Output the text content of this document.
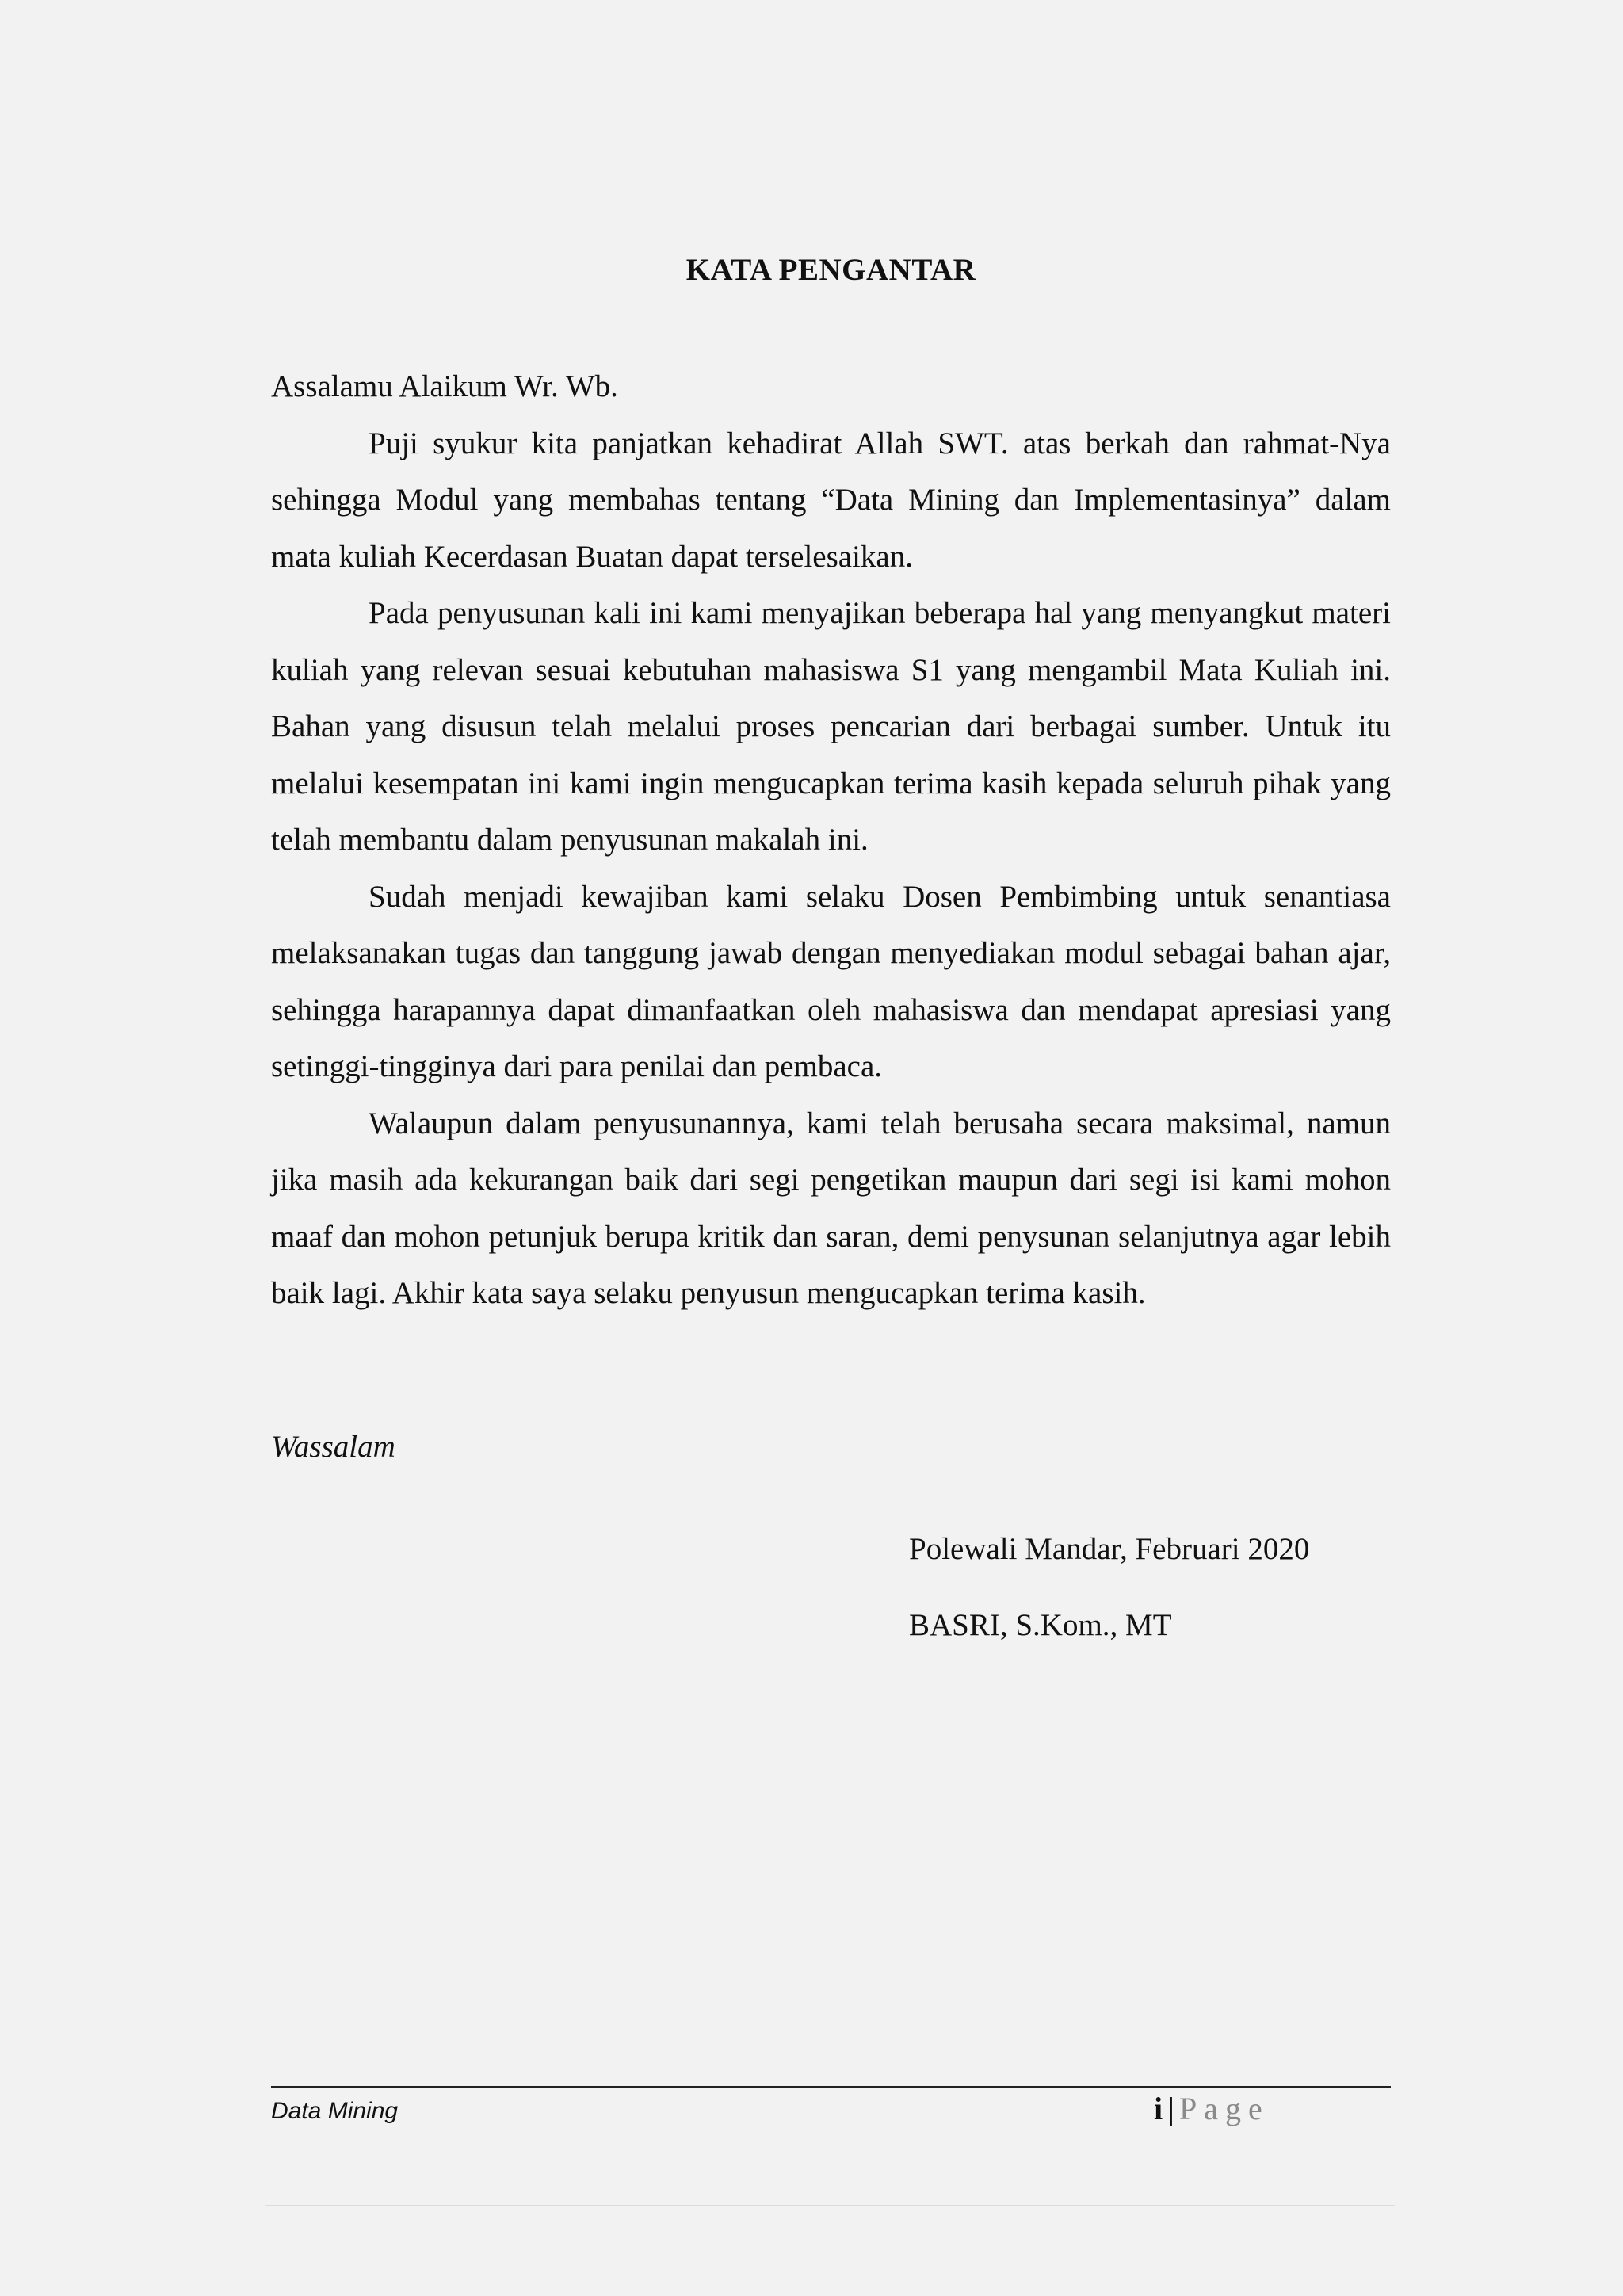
KATA PENGANTAR

Assalamu Alaikum Wr. Wb.

Puji syukur kita panjatkan kehadirat Allah SWT. atas berkah dan rahmat-Nya sehingga Modul yang membahas tentang “Data Mining dan Implementasinya” dalam mata kuliah Kecerdasan Buatan dapat terselesaikan.

Pada penyusunan kali ini kami menyajikan beberapa hal yang menyangkut materi kuliah yang relevan sesuai kebutuhan mahasiswa S1 yang mengambil Mata Kuliah ini. Bahan yang disusun telah melalui proses pencarian dari berbagai sumber. Untuk itu melalui kesempatan ini kami ingin mengucapkan terima kasih kepada seluruh pihak yang telah membantu dalam penyusunan makalah ini.

Sudah menjadi kewajiban kami selaku Dosen Pembimbing untuk senantiasa melaksanakan tugas dan tanggung jawab dengan menyediakan modul sebagai bahan ajar, sehingga harapannya dapat dimanfaatkan oleh mahasiswa dan mendapat apresiasi yang setinggi-tingginya dari para penilai dan pembaca.

Walaupun dalam penyusunannya, kami telah berusaha secara maksimal, namun jika masih ada kekurangan baik dari segi pengetikan maupun dari segi isi kami mohon maaf dan mohon petunjuk berupa kritik dan saran, demi penysunan selanjutnya agar lebih baik lagi. Akhir kata saya selaku penyusun mengucapkan terima kasih.

Wassalam
Polewali Mandar, Februari 2020
BASRI, S.Kom., MT
Data Mining	i | Page
